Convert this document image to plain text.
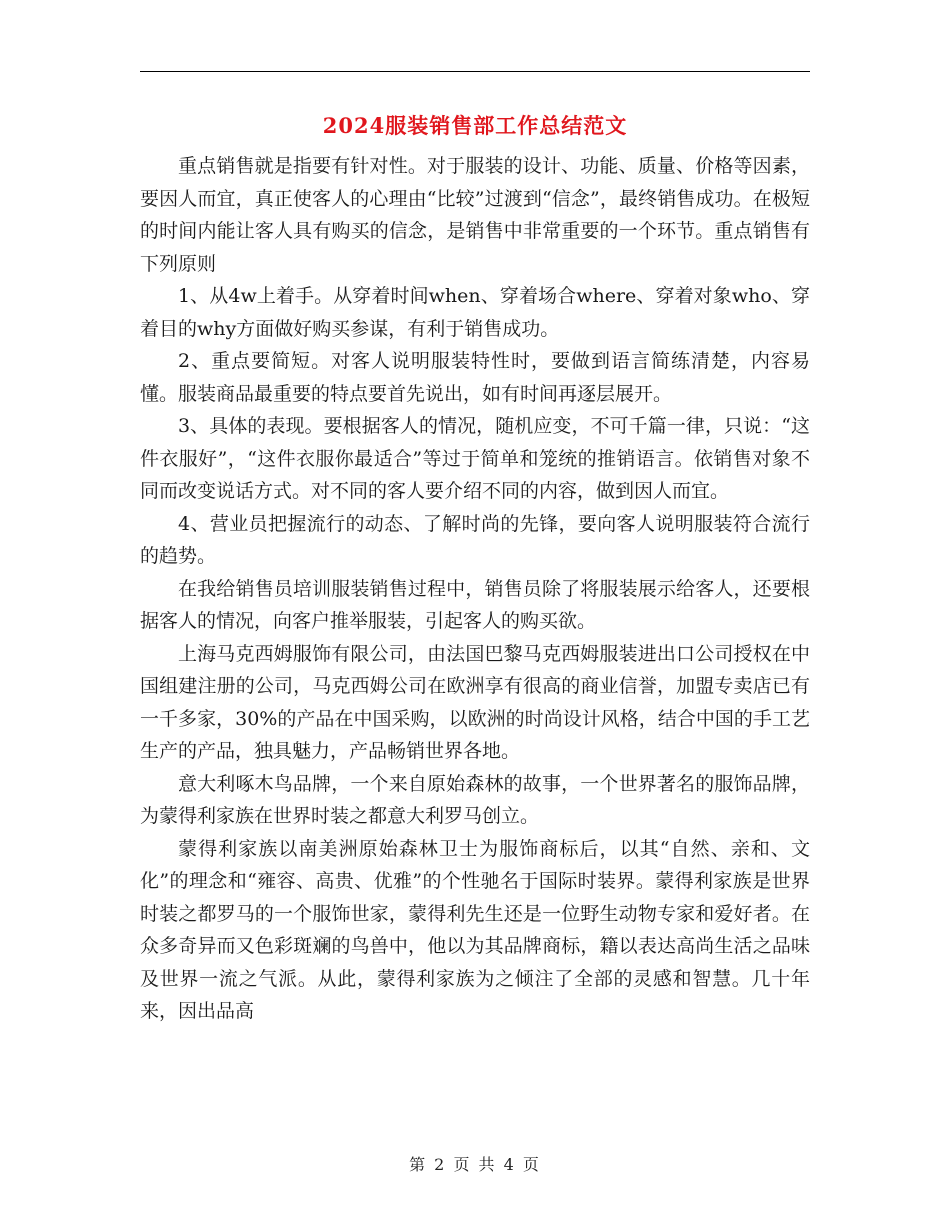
2024服装销售部工作总结范文

重点销售就是指要有针对性。对于服装的设计、功能、质量、价格等因素，要因人而宜，真正使客人的心理由“比较”过渡到“信念”，最终销售成功。在极短的时间内能让客人具有购买的信念，是销售中非常重要的一个环节。重点销售有下列原则

1、从4w上着手。从穿着时间when、穿着场合where、穿着对象who、穿着目的why方面做好购买参谋，有利于销售成功。

2、重点要简短。对客人说明服装特性时，要做到语言简练清楚，内容易懂。服装商品最重要的特点要首先说出，如有时间再逐层展开。

3、具体的表现。要根据客人的情况，随机应变，不可千篇一律，只说：“这件衣服好”，“这件衣服你最适合”等过于简单和笼统的推销语言。依销售对象不同而改变说话方式。对不同的客人要介绍不同的内容，做到因人而宜。

4、营业员把握流行的动态、了解时尚的先锋，要向客人说明服装符合流行的趋势。

在我给销售员培训服装销售过程中，销售员除了将服装展示给客人，还要根据客人的情况，向客户推举服装，引起客人的购买欲。

上海马克西姆服饰有限公司，由法国巴黎马克西姆服装进出口公司授权在中国组建注册的公司，马克西姆公司在欧洲享有很高的商业信誉，加盟专卖店已有一千多家，30%的产品在中国采购，以欧洲的时尚设计风格，结合中国的手工艺生产的产品，独具魅力，产品畅销世界各地。

意大利啄木鸟品牌，一个来自原始森林的故事，一个世界著名的服饰品牌，为蒙得利家族在世界时装之都意大利罗马创立。

蒙得利家族以南美洲原始森林卫士为服饰商标后，以其“自然、亲和、文化”的理念和“雍容、高贵、优雅”的个性驰名于国际时装界。蒙得利家族是世界时装之都罗马的一个服饰世家，蒙得利先生还是一位野生动物专家和爱好者。在众多奇异而又色彩斑斓的鸟兽中，他以为其品牌商标，籍以表达高尚生活之品味及世界一流之气派。从此，蒙得利家族为之倾注了全部的灵感和智慧。几十年来，因出品高

第 2 页 共 4 页
